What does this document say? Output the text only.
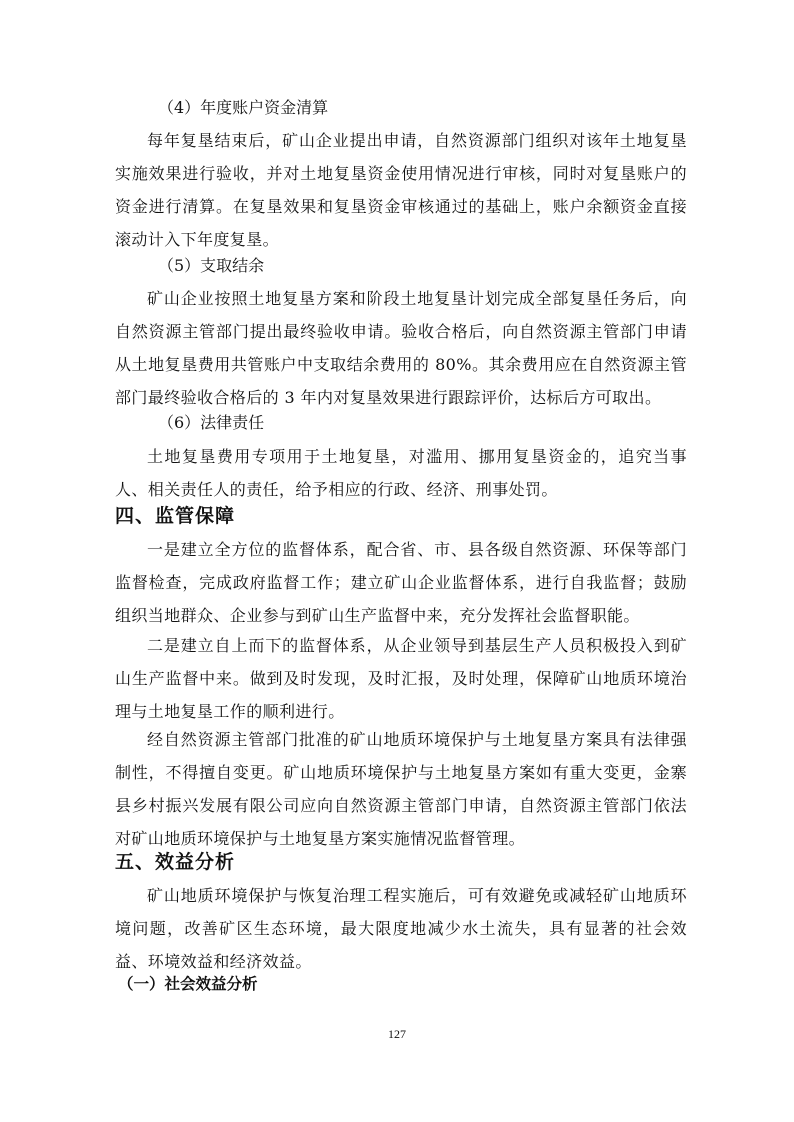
（4）年度账户资金清算

每年复垦结束后，矿山企业提出申请，自然资源部门组织对该年土地复垦实施效果进行验收，并对土地复垦资金使用情况进行审核，同时对复垦账户的资金进行清算。在复垦效果和复垦资金审核通过的基础上，账户余额资金直接滚动计入下年度复垦。

（5）支取结余

矿山企业按照土地复垦方案和阶段土地复垦计划完成全部复垦任务后，向自然资源主管部门提出最终验收申请。验收合格后，向自然资源主管部门申请从土地复垦费用共管账户中支取结余费用的 80%。其余费用应在自然资源主管部门最终验收合格后的 3 年内对复垦效果进行跟踪评价，达标后方可取出。

（6）法律责任

土地复垦费用专项用于土地复垦，对滥用、挪用复垦资金的，追究当事人、相关责任人的责任，给予相应的行政、经济、刑事处罚。

四、监管保障

一是建立全方位的监督体系，配合省、市、县各级自然资源、环保等部门监督检查，完成政府监督工作；建立矿山企业监督体系，进行自我监督；鼓励组织当地群众、企业参与到矿山生产监督中来，充分发挥社会监督职能。

二是建立自上而下的监督体系，从企业领导到基层生产人员积极投入到矿山生产监督中来。做到及时发现，及时汇报，及时处理，保障矿山地质环境治理与土地复垦工作的顺利进行。

经自然资源主管部门批准的矿山地质环境保护与土地复垦方案具有法律强制性，不得擅自变更。矿山地质环境保护与土地复垦方案如有重大变更，金寨县乡村振兴发展有限公司应向自然资源主管部门申请，自然资源主管部门依法对矿山地质环境保护与土地复垦方案实施情况监督管理。

五、效益分析

矿山地质环境保护与恢复治理工程实施后，可有效避免或减轻矿山地质环境问题，改善矿区生态环境，最大限度地减少水土流失，具有显著的社会效益、环境效益和经济效益。

（一）社会效益分析
127
